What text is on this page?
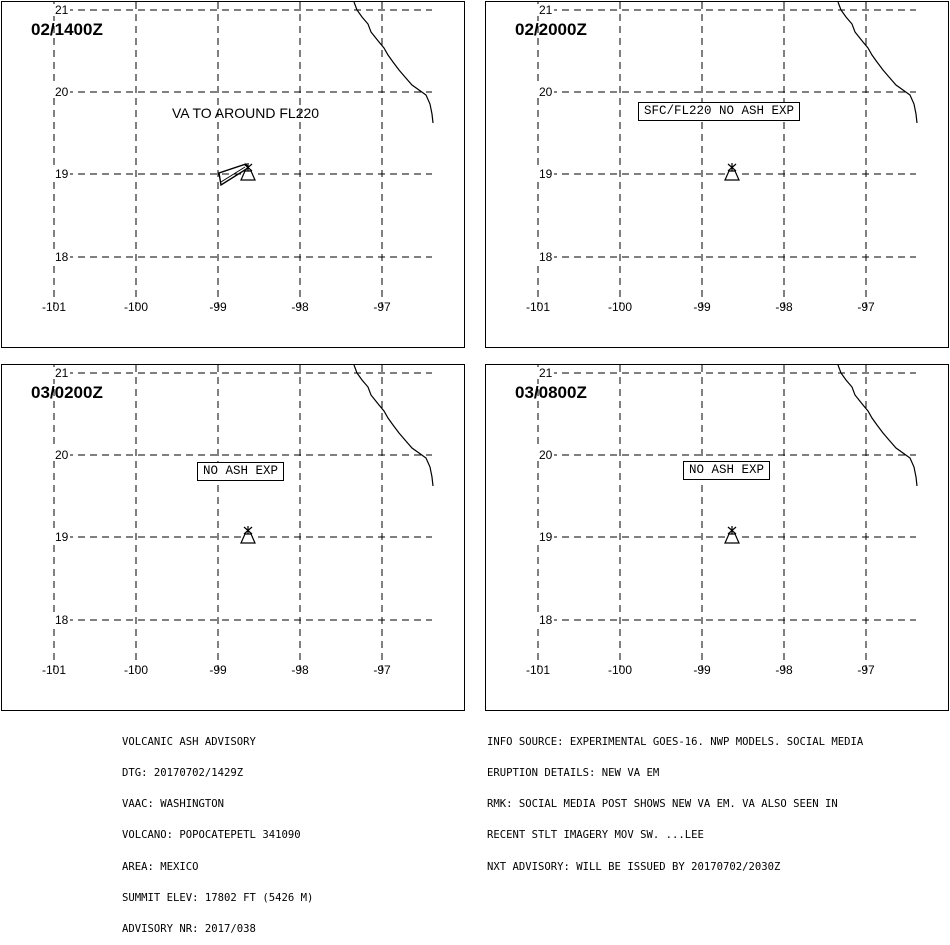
21
20
19
18
-101	-100	-99	-98	-97
02/1400Z
VA TO AROUND FL220
21
20
19
18
-101	-100	-99	-98	-97
02/2000Z
SFC/FL220 NO ASH EXP
21
20
19
18
-101	-100	-99	-98	-97
03/0200Z
NO ASH EXP
21
20
19
18
-101	-100	-99	-98	-97
03/0800Z
NO ASH EXP

VOLCANIC ASH ADVISORY

DTG: 20170702/1429Z

VAAC: WASHINGTON

VOLCANO: POPOCATEPETL 341090

AREA: MEXICO

SUMMIT ELEV: 17802 FT (5426 M)

ADVISORY NR: 2017/038

INFO SOURCE: EXPERIMENTAL GOES-16. NWP MODELS. SOCIAL MEDIA

ERUPTION DETAILS: NEW VA EM

RMK: SOCIAL MEDIA POST SHOWS NEW VA EM. VA ALSO SEEN IN

RECENT STLT IMAGERY MOV SW. ...LEE

NXT ADVISORY: WILL BE ISSUED BY 20170702/2030Z
